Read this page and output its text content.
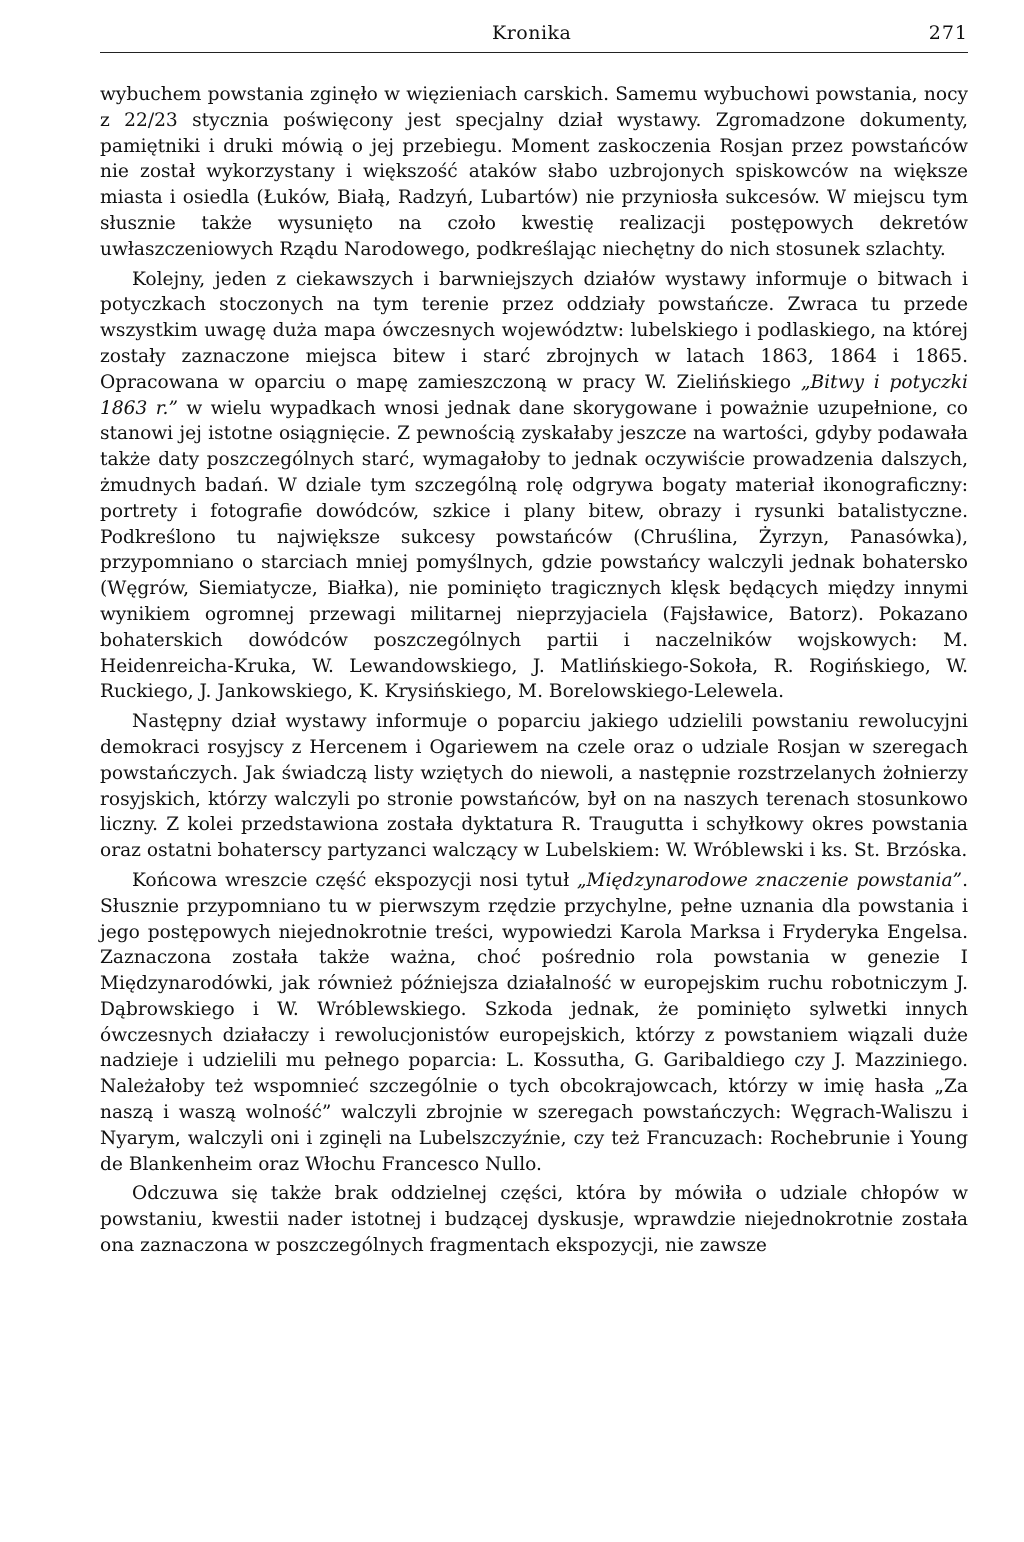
Kronika	271

wybuchem powstania zginęło w więzieniach carskich. Samemu wybuchowi powstania, nocy z 22/23 stycznia poświęcony jest specjalny dział wystawy. Zgromadzone dokumenty, pamiętniki i druki mówią o jej przebiegu. Moment zaskoczenia Rosjan przez powstańców nie został wykorzystany i większość ataków słabo uzbrojonych spiskowców na większe miasta i osiedla (Łuków, Białą, Radzyń, Lubartów) nie przyniosła sukcesów. W miejscu tym słusznie także wysunięto na czoło kwestię realizacji postępowych dekretów uwłaszczeniowych Rządu Narodowego, podkreślając niechętny do nich stosunek szlachty.

Kolejny, jeden z ciekawszych i barwniejszych działów wystawy informuje o bitwach i potyczkach stoczonych na tym terenie przez oddziały powstańcze. Zwraca tu przede wszystkim uwagę duża mapa ówczesnych województw: lubelskiego i podlaskiego, na której zostały zaznaczone miejsca bitew i starć zbrojnych w latach 1863, 1864 i 1865. Opracowana w oparciu o mapę zamieszczoną w pracy W. Zielińskiego „Bitwy i potyczki 1863 r.” w wielu wypadkach wnosi jednak dane skorygowane i poważnie uzupełnione, co stanowi jej istotne osiągnięcie. Z pewnością zyskałaby jeszcze na wartości, gdyby podawała także daty poszczególnych starć, wymagałoby to jednak oczywiście prowadzenia dalszych, żmudnych badań. W dziale tym szczególną rolę odgrywa bogaty materiał ikonograficzny: portrety i fotografie dowódców, szkice i plany bitew, obrazy i rysunki batalistyczne. Podkreślono tu największe sukcesy powstańców (Chruślina, Żyrzyn, Panasówka), przypomniano o starciach mniej pomyślnych, gdzie powstańcy walczyli jednak bohatersko (Węgrów, Siemiatycze, Białka), nie pominięto tragicznych klęsk będących między innymi wynikiem ogromnej przewagi militarnej nieprzyjaciela (Fajsławice, Batorz). Pokazano bohaterskich dowódców poszczególnych partii i naczelników wojskowych: M. Heidenreicha-Kruka, W. Lewandowskiego, J. Matlińskiego-Sokoła, R. Rogińskiego, W. Ruckiego, J. Jankowskiego, K. Krysińskiego, M. Borelowskiego-Lelewela.

Następny dział wystawy informuje o poparciu jakiego udzielili powstaniu rewolucyjni demokraci rosyjscy z Hercenem i Ogariewem na czele oraz o udziale Rosjan w szeregach powstańczych. Jak świadczą listy wziętych do niewoli, a następnie rozstrzelanych żołnierzy rosyjskich, którzy walczyli po stronie powstańców, był on na naszych terenach stosunkowo liczny. Z kolei przedstawiona została dyktatura R. Traugutta i schyłkowy okres powstania oraz ostatni bohaterscy partyzanci walczący w Lubelskiem: W. Wróblewski i ks. St. Brzóska.

Końcowa wreszcie część ekspozycji nosi tytuł „Międzynarodowe znaczenie powstania”. Słusznie przypomniano tu w pierwszym rzędzie przychylne, pełne uznania dla powstania i jego postępowych niejednokrotnie treści, wypowiedzi Karola Marksa i Fryderyka Engelsa. Zaznaczona została także ważna, choć pośrednio rola powstania w genezie I Międzynarodówki, jak również późniejsza działalność w europejskim ruchu robotniczym J. Dąbrowskiego i W. Wróblewskiego. Szkoda jednak, że pominięto sylwetki innych ówczesnych działaczy i rewolucjonistów europejskich, którzy z powstaniem wiązali duże nadzieje i udzielili mu pełnego poparcia: L. Kossutha, G. Garibaldiego czy J. Mazziniego. Należałoby też wspomnieć szczególnie o tych obcokrajowcach, którzy w imię hasła „Za naszą i waszą wolność” walczyli zbrojnie w szeregach powstańczych: Węgrach-Waliszu i Nyarym, walczyli oni i zginęli na Lubelszczyźnie, czy też Francuzach: Rochebrunie i Young de Blankenheim oraz Włochu Francesco Nullo.

Odczuwa się także brak oddzielnej części, która by mówiła o udziale chłopów w powstaniu, kwestii nader istotnej i budzącej dyskusje, wprawdzie niejednokrotnie została ona zaznaczona w poszczególnych fragmentach ekspozycji, nie zawsze
